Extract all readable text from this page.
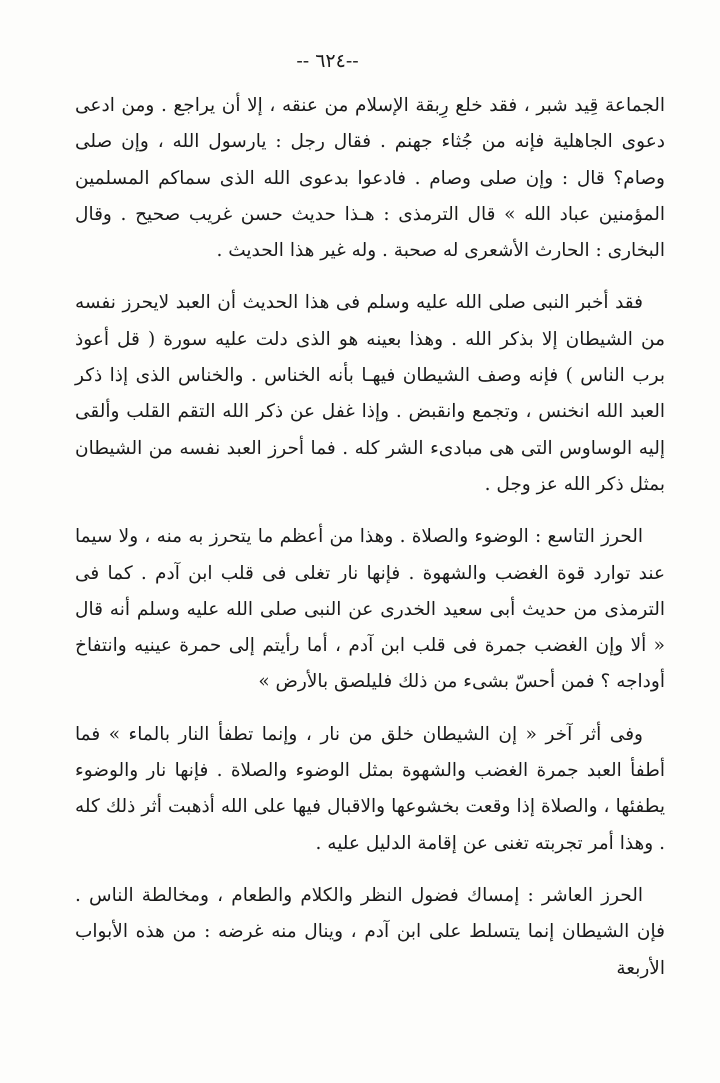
--٦٢٤ --

الجماعة قِيد شبر ، فقد خلع رِبقة الإسلام من عنقه ، إلا أن يراجع . ومن ادعى دعوى الجاهلية فإنه من جُثاء جهنم . فقال رجل : يارسول الله ، وإن صلى وصام؟ قال : وإن صلى وصام . فادعوا بدعوى الله الذى سماكم المسلمين المؤمنين عباد الله » قال الترمذى : هـذا حديث حسن غريب صحيح . وقال البخارى : الحارث الأشعرى له صحبة . وله غير هذا الحديث .

فقد أخبر النبى صلى الله عليه وسلم فى هذا الحديث أن العبد لايحرز نفسه من الشيطان إلا بذكر الله . وهذا بعينه هو الذى دلت عليه سورة ( قل أعوذ برب الناس ) فإنه وصف الشيطان فيهـا بأنه الخناس . والخناس الذى إذا ذكر العبد الله انخنس ، وتجمع وانقبض . وإذا غفل عن ذكر الله التقم القلب وألقى إليه الوساوس التى هى مبادىء الشر كله . فما أحرز العبد نفسه من الشيطان بمثل ذكر الله عز وجل .

الحرز التاسع : الوضوء والصلاة . وهذا من أعظم ما يتحرز به منه ، ولا سيما عند توارد قوة الغضب والشهوة . فإنها نار تغلى فى قلب ابن آدم . كما فى الترمذى من حديث أبى سعيد الخدرى عن النبى صلى الله عليه وسلم أنه قال « ألا وإن الغضب جمرة فى قلب ابن آدم ، أما رأيتم إلى حمرة عينيه وانتفاخ أوداجه ؟ فمن أحسّ بشىء من ذلك فليلصق بالأرض »

وفى أثر آخر « إن الشيطان خلق من نار ، وإنما تطفأ النار بالماء » فما أطفأ العبد جمرة الغضب والشهوة بمثل الوضوء والصلاة . فإنها نار والوضوء يطفئها ، والصلاة إذا وقعت بخشوعها والاقبال فيها على الله أذهبت أثر ذلك كله . وهذا أمر تجربته تغنى عن إقامة الدليل عليه .

الحرز العاشر : إمساك فضول النظر والكلام والطعام ، ومخالطة الناس . فإن الشيطان إنما يتسلط على ابن آدم ، وينال منه غرضه : من هذه الأبواب الأربعة
